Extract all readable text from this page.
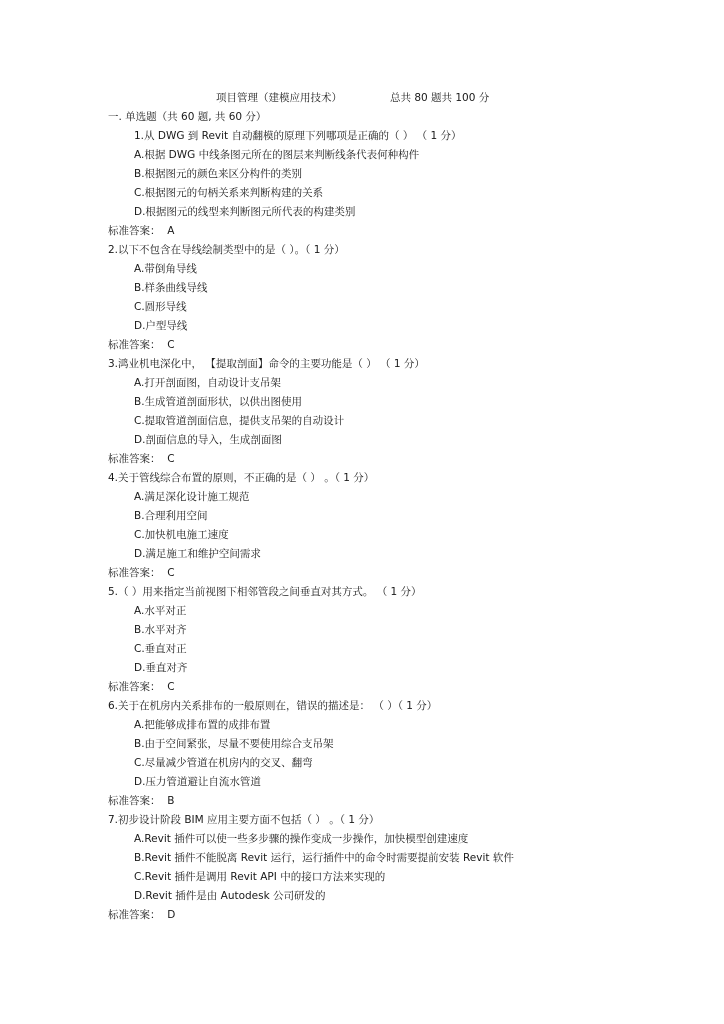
项目管理（建模应用技术）	总共 80 题共 100 分
一. 单选题（共 60 题, 共 60 分）
1.从 DWG 到 Revit 自动翻模的原理下列哪项是正确的（ ） （ 1 分）
A.根据 DWG 中线条图元所在的图层来判断线条代表何种构件
B.根据图元的颜色来区分构件的类别
C.根据图元的句柄关系来判断构建的关系
D.根据图元的线型来判断图元所代表的构建类别
标准答案： A
2.以下不包含在导线绘制类型中的是（ ）。（ 1 分）
A.带倒角导线
B.样条曲线导线
C.圆形导线
D.户型导线
标准答案： C
3.鸿业机电深化中， 【提取剖面】命令的主要功能是（ ） （ 1 分）
A.打开剖面图，自动设计支吊架
B.生成管道剖面形状，以供出图使用
C.提取管道剖面信息，提供支吊架的自动设计
D.剖面信息的导入，生成剖面图
标准答案： C
4.关于管线综合布置的原则，不正确的是（ ） 。（ 1 分）
A.满足深化设计施工规范
B.合理利用空间
C.加快机电施工速度
D.满足施工和维护空间需求
标准答案： C
5.（ ）用来指定当前视图下相邻管段之间垂直对其方式。 （ 1 分）
A.水平对正
B.水平对齐
C.垂直对正
D.垂直对齐
标准答案： C
6.关于在机房内关系排布的一般原则在，错误的描述是： （ ）（ 1 分）
A.把能够成排布置的成排布置
B.由于空间紧张，尽量不要使用综合支吊架
C.尽量减少管道在机房内的交叉、翻弯
D.压力管道避让自流水管道
标准答案： B
7.初步设计阶段 BIM 应用主要方面不包括（ ） 。（ 1 分）
A.Revit 插件可以使一些多步骤的操作变成一步操作，加快模型创建速度
B.Revit 插件不能脱离 Revit 运行，运行插件中的命令时需要提前安装 Revit 软件
C.Revit 插件是调用 Revit API 中的接口方法来实现的
D.Revit 插件是由 Autodesk 公司研发的
标准答案： D
